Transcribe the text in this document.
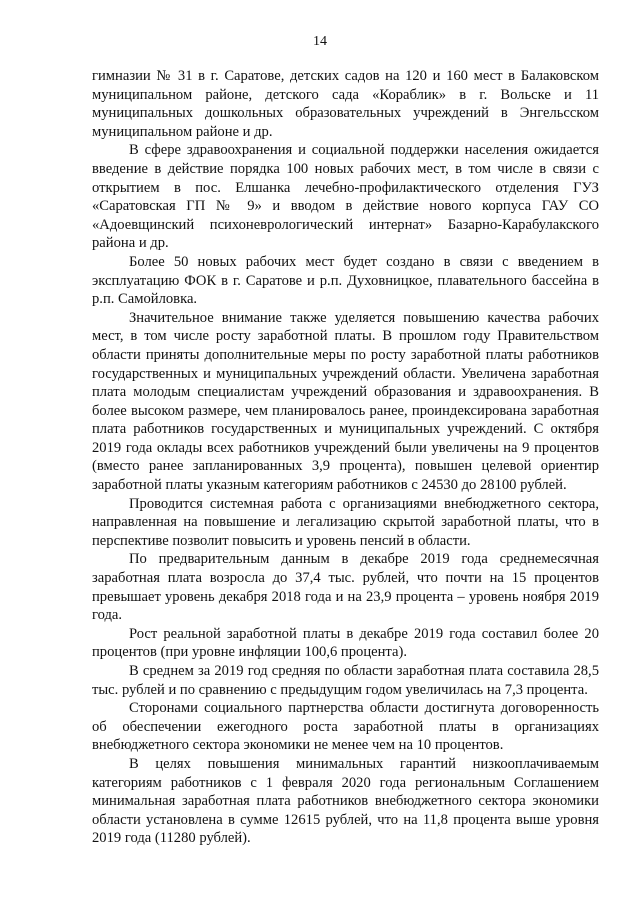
14

гимназии № 31 в г. Саратове, детских садов на 120 и 160 мест в Балаковском муниципальном районе, детского сада «Кораблик» в г. Вольске и 11 муниципальных дошкольных образовательных учреждений в Энгельсском муниципальном районе и др.

В сфере здравоохранения и социальной поддержки населения ожидается введение в действие порядка 100 новых рабочих мест, в том числе в связи с открытием в пос. Елшанка лечебно-профилактического отделения ГУЗ «Саратовская ГП № 9» и вводом в действие нового корпуса ГАУ СО «Адоевщинский психоневрологический интернат» Базарно-Карабулакского района и др.

Более 50 новых рабочих мест будет создано в связи с введением в эксплуатацию ФОК в г. Саратове и р.п. Духовницкое, плавательного бассейна в р.п. Самойловка.

Значительное внимание также уделяется повышению качества рабочих мест, в том числе росту заработной платы. В прошлом году Правительством области приняты дополнительные меры по росту заработной платы работников государственных и муниципальных учреждений области. Увеличена заработная плата молодым специалистам учреждений образования и здравоохранения. В более высоком размере, чем планировалось ранее, проиндексирована заработная плата работников государственных и муниципальных учреждений. С октября 2019 года оклады всех работников учреждений были увеличены на 9 процентов (вместо ранее запланированных 3,9 процента), повышен целевой ориентир заработной платы указным категориям работников с 24530 до 28100 рублей.

Проводится системная работа с организациями внебюджетного сектора, направленная на повышение и легализацию скрытой заработной платы, что в перспективе позволит повысить и уровень пенсий в области.

По предварительным данным в декабре 2019 года среднемесячная заработная плата возросла до 37,4 тыс. рублей, что почти на 15 процентов превышает уровень декабря 2018 года и на 23,9 процента – уровень ноября 2019 года.

Рост реальной заработной платы в декабре 2019 года составил более 20 процентов (при уровне инфляции 100,6 процента).

В среднем за 2019 год средняя по области заработная плата составила 28,5 тыс. рублей и по сравнению с предыдущим годом увеличилась на 7,3 процента.

Сторонами социального партнерства области достигнута договоренность об обеспечении ежегодного роста заработной платы в организациях внебюджетного сектора экономики не менее чем на 10 процентов.

В целях повышения минимальных гарантий низкооплачиваемым категориям работников с 1 февраля 2020 года региональным Соглашением минимальная заработная плата работников внебюджетного сектора экономики области установлена в сумме 12615 рублей, что на 11,8 процента выше уровня 2019 года (11280 рублей).
